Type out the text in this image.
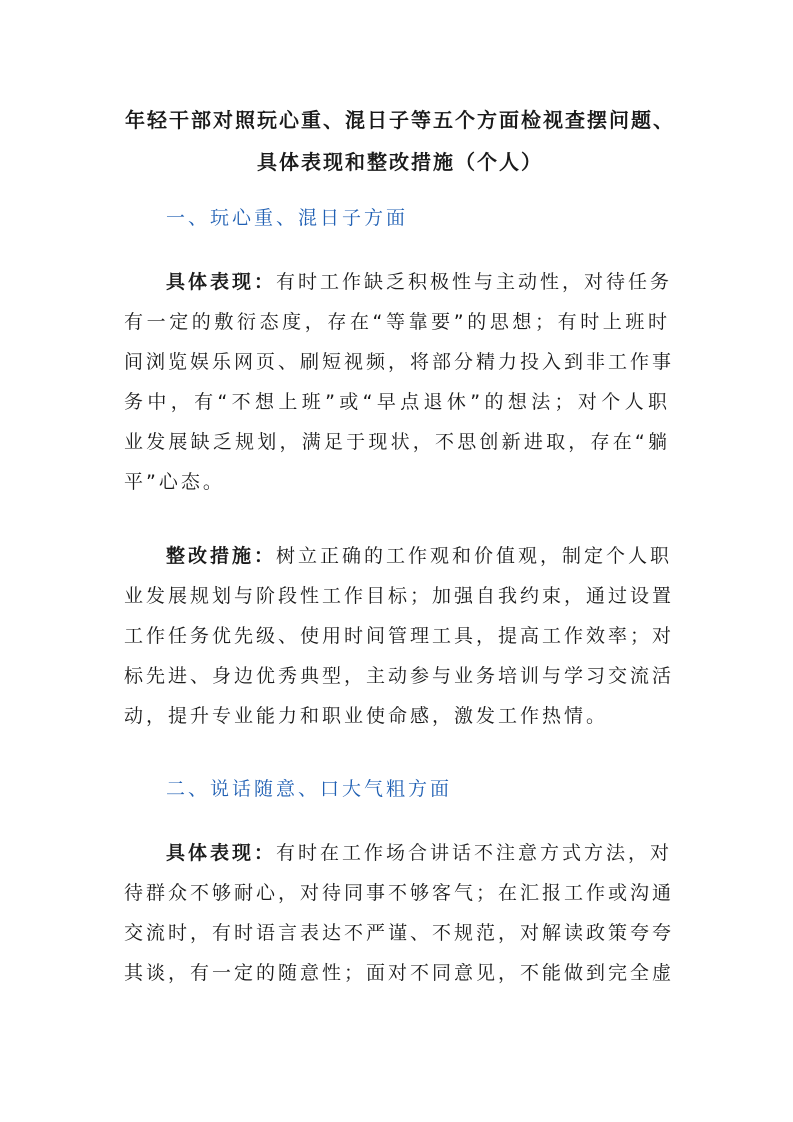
年轻干部对照玩心重、混日子等五个方面检视查摆问题、
具体表现和整改措施（个人）
一、玩心重、混日子方面
具体表现：有时工作缺乏积极性与主动性，对待任务
有一定的敷衍态度，存在“等靠要”的思想；有时上班时
间浏览娱乐网页、刷短视频，将部分精力投入到非工作事
务中，有“不想上班”或“早点退休”的想法；对个人职
业发展缺乏规划，满足于现状，不思创新进取，存在“躺
平”心态。
整改措施：树立正确的工作观和价值观，制定个人职
业发展规划与阶段性工作目标；加强自我约束，通过设置
工作任务优先级、使用时间管理工具，提高工作效率；对
标先进、身边优秀典型，主动参与业务培训与学习交流活
动，提升专业能力和职业使命感，激发工作热情。
二、说话随意、口大气粗方面
具体表现：有时在工作场合讲话不注意方式方法，对
待群众不够耐心，对待同事不够客气；在汇报工作或沟通
交流时，有时语言表达不严谨、不规范，对解读政策夸夸
其谈，有一定的随意性；面对不同意见，不能做到完全虚
